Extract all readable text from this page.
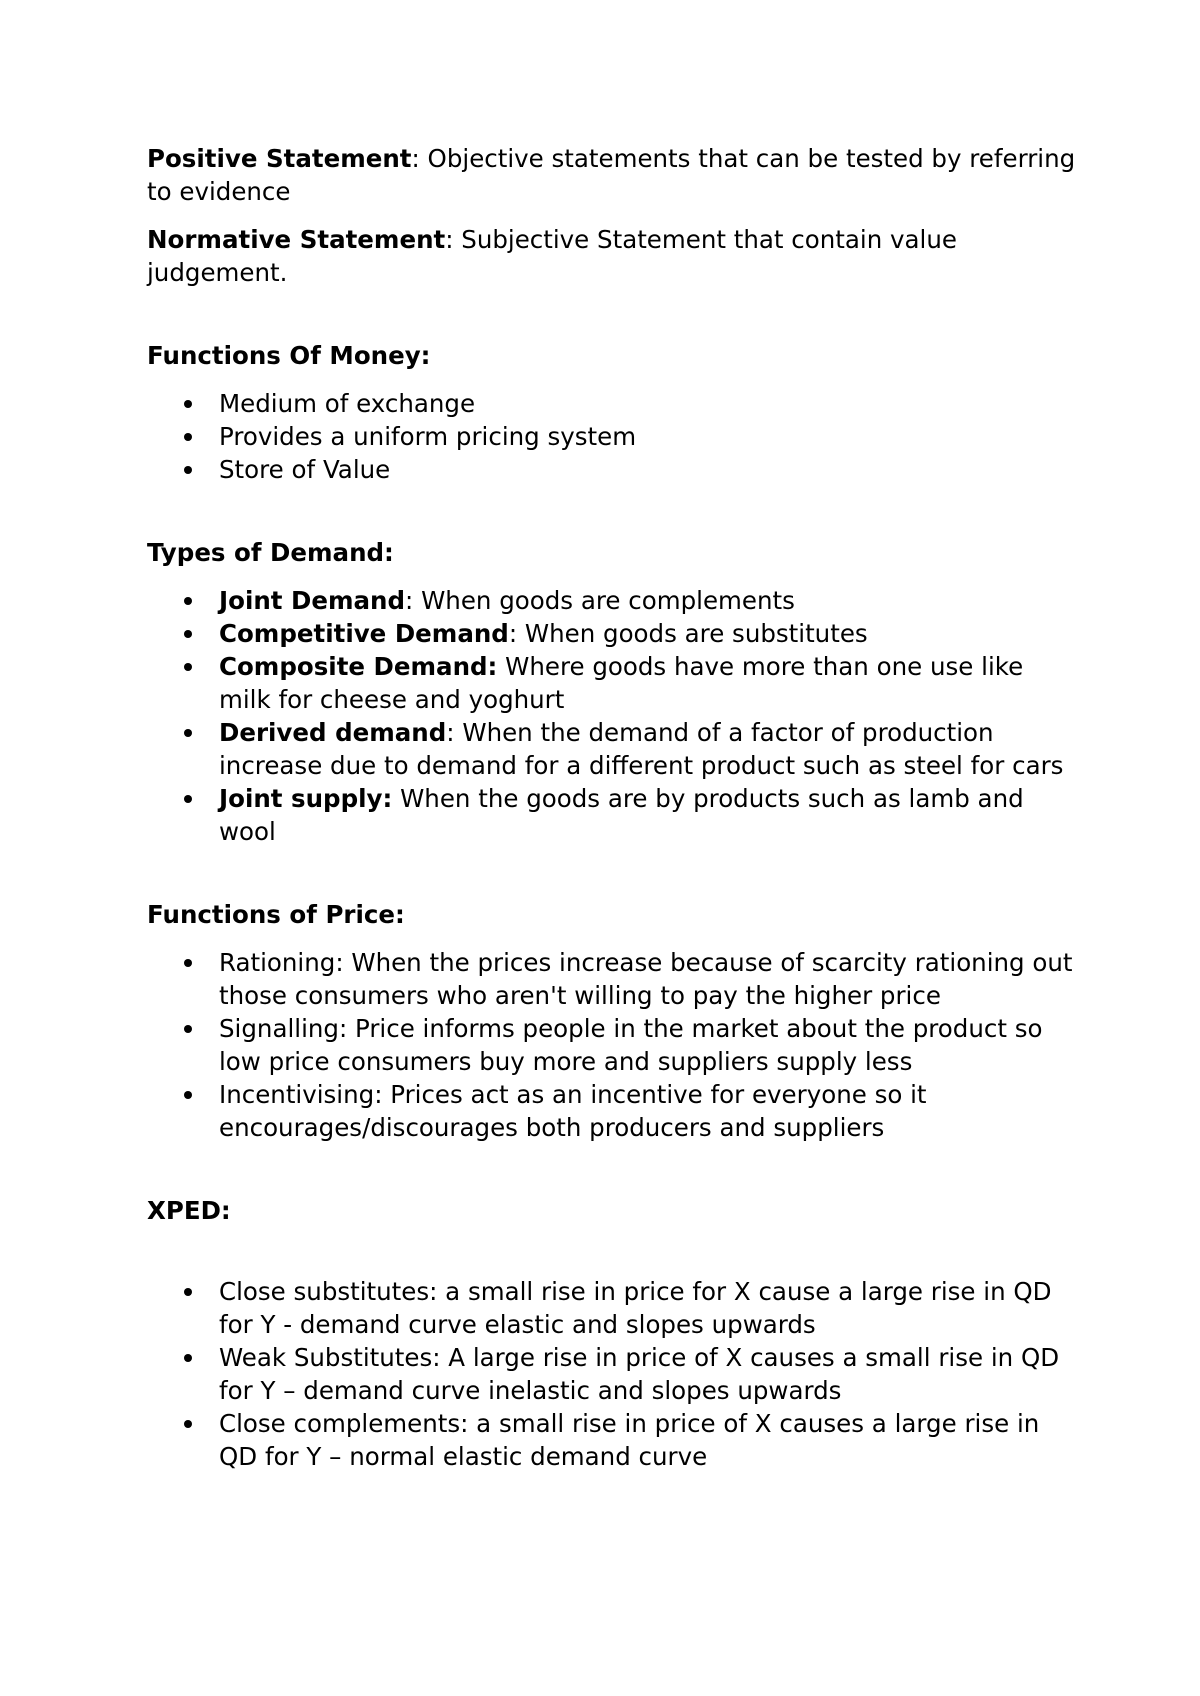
Positive Statement: Objective statements that can be tested by referring to evidence

Normative Statement: Subjective Statement that contain value judgement.

Functions Of Money:

Medium of exchange
Provides a uniform pricing system
Store of Value

Types of Demand:

Joint Demand: When goods are complements
Competitive Demand: When goods are substitutes
Composite Demand: Where goods have more than one use like milk for cheese and yoghurt
Derived demand: When the demand of a factor of production increase due to demand for a different product such as steel for cars
Joint supply: When the goods are by products such as lamb and wool

Functions of Price:

Rationing: When the prices increase because of scarcity rationing out those consumers who aren't willing to pay the higher price
Signalling: Price informs people in the market about the product so low price consumers buy more and suppliers supply less
Incentivising: Prices act as an incentive for everyone so it encourages/discourages both producers and suppliers

XPED:

Close substitutes: a small rise in price for X cause a large rise in QD for Y - demand curve elastic and slopes upwards
Weak Substitutes: A large rise in price of X causes a small rise in QD for Y – demand curve inelastic and slopes upwards
Close complements: a small rise in price of X causes a large rise in QD for Y – normal elastic demand curve
